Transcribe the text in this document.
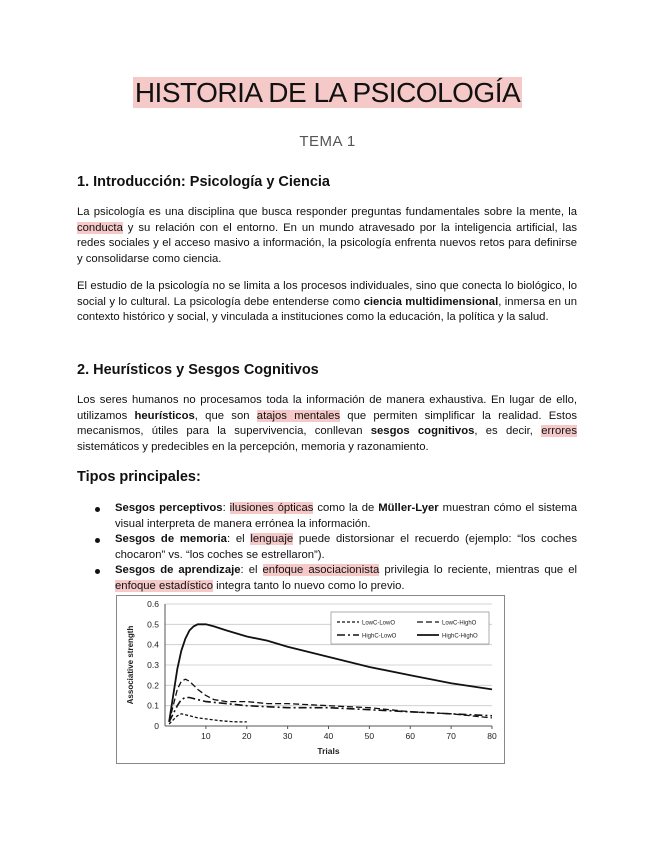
HISTORIA DE LA PSICOLOGÍA
TEMA 1
1. Introducción: Psicología y Ciencia

La psicología es una disciplina que busca responder preguntas fundamentales sobre la mente, la conducta y su relación con el entorno. En un mundo atravesado por la inteligencia artificial, las redes sociales y el acceso masivo a información, la psicología enfrenta nuevos retos para definirse y consolidarse como ciencia.

El estudio de la psicología no se limita a los procesos individuales, sino que conecta lo biológico, lo social y lo cultural. La psicología debe entenderse como ciencia multidimensional, inmersa en un contexto histórico y social, y vinculada a instituciones como la educación, la política y la salud.

2. Heurísticos y Sesgos Cognitivos

Los seres humanos no procesamos toda la información de manera exhaustiva. En lugar de ello, utilizamos heurísticos, que son atajos mentales que permiten simplificar la realidad. Estos mecanismos, útiles para la supervivencia, conllevan sesgos cognitivos, es decir, errores sistemáticos y predecibles en la percepción, memoria y razonamiento.

Tipos principales:
Sesgos perceptivos: ilusiones ópticas como la de Müller-Lyer muestran cómo el sistema visual interpreta de manera errónea la información.
Sesgos de memoria: el lenguaje puede distorsionar el recuerdo (ejemplo: “los coches chocaron” vs. “los coches se estrellaron”).
Sesgos de aprendizaje: el enfoque asociacionista privilegia lo reciente, mientras que el enfoque estadístico integra tanto lo nuevo como lo previo.
0
0.1
0.2
0.3
0.4
0.5
0.6
10	20	30	40	50	60	70	80
Trials
Associative strength
LowC-LowO	LowC-HighO
HighC-LowO	HighC-HighO
